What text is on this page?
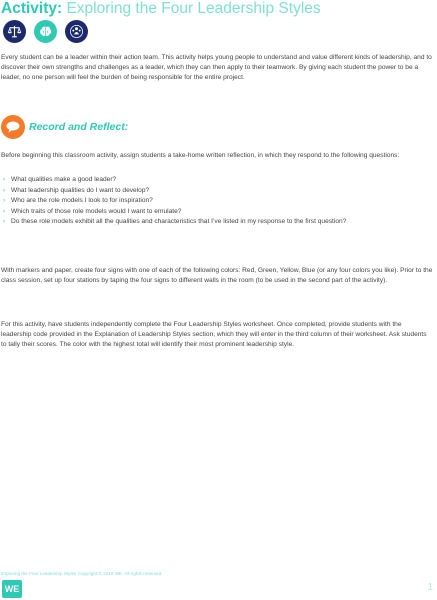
Activity: Exploring the Four Leadership Styles

Every student can be a leader within their action team. This activity helps young people to understand and value different kinds of leadership, and to discover their own strengths and challenges as a leader, which they can then apply to their teamwork. By giving each student the power to be a leader, no one person will feel the burden of being responsible for the entire project.

Record and Reflect:

Before beginning this classroom activity, assign students a take-home written reflection, in which they respond to the following questions:

› What qualities make a good leader?
› What leadership qualities do I want to develop?
› Who are the role models I look to for inspiration?
› Which traits of those role models would I want to emulate?
› Do these role models exhibit all the qualities and characteristics that I’ve listed in my response to the first question?

With markers and paper, create four signs with one of each of the following colors: Red, Green, Yellow, Blue (or any four colors you like). Prior to the class session, set up four stations by taping the four signs to different walls in the room (to be used in the second part of the activity).

For this activity, have students independently complete the Four Leadership Styles worksheet. Once completed, provide students with the leadership code provided in the Explanation of Leadership Styles section, which they will enter in the third column of their worksheet. Ask students to tally their scores. The color with the highest total will identify their most prominent leadership style.

Exploring the Four Leadership Styles Copyright © 2018 WE. All rights reserved.
WE	1
